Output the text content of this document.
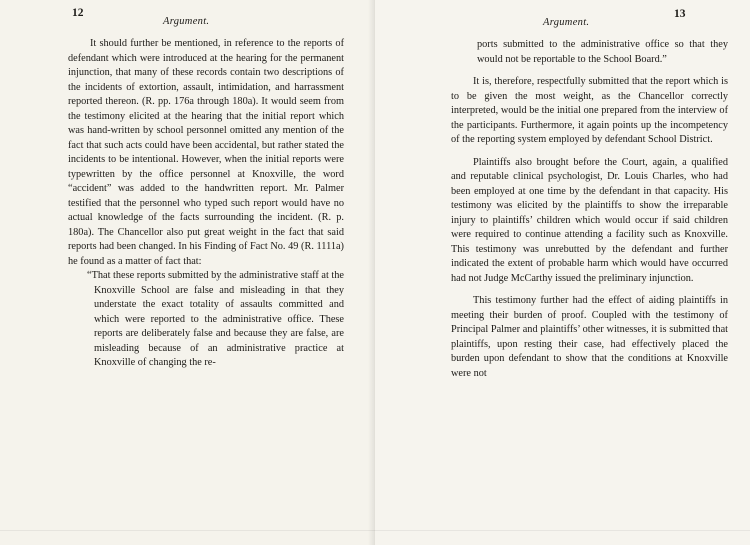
12
Argument.

It should further be mentioned, in reference to the reports of defendant which were introduced at the hearing for the permanent injunction, that many of these records contain two descriptions of the incidents of extortion, assault, intimidation, and harrassment reported thereon. (R. pp. 176a through 180a). It would seem from the testimony elicited at the hearing that the initial report which was hand-written by school personnel omitted any mention of the fact that such acts could have been accidental, but rather stated the incidents to be intentional. However, when the initial reports were typewritten by the office personnel at Knoxville, the word “accident” was added to the handwritten report. Mr. Palmer testified that the personnel who typed such report would have no actual knowledge of the facts surrounding the incident. (R. p. 180a). The Chancellor also put great weight in the fact that said reports had been changed. In his Finding of Fact No. 49 (R. 1111a) he found as a matter of fact that:

“That these reports submitted by the administrative staff at the Knoxville School are false and misleading in that they understate the exact totality of assaults committed and which were reported to the administrative office. These reports are deliberately false and because they are false, are misleading because of an administrative practice at Knoxville of changing the re-

13
Argument.

ports submitted to the administrative office so that they would not be reportable to the School Board.”

It is, therefore, respectfully submitted that the report which is to be given the most weight, as the Chancellor correctly interpreted, would be the initial one prepared from the interview of the participants. Furthermore, it again points up the incompetency of the reporting system employed by defendant School District.

Plaintiffs also brought before the Court, again, a qualified and reputable clinical psychologist, Dr. Louis Charles, who had been employed at one time by the defendant in that capacity. His testimony was elicited by the plaintiffs to show the irreparable injury to plaintiffs’ children which would occur if said children were required to continue attending a facility such as Knoxville. This testimony was unrebutted by the defendant and further indicated the extent of probable harm which would have occurred had not Judge McCarthy issued the preliminary injunction.

This testimony further had the effect of aiding plaintiffs in meeting their burden of proof. Coupled with the testimony of Principal Palmer and plaintiffs’ other witnesses, it is submitted that plaintiffs, upon resting their case, had effectively placed the burden upon defendant to show that the conditions at Knoxville were not
